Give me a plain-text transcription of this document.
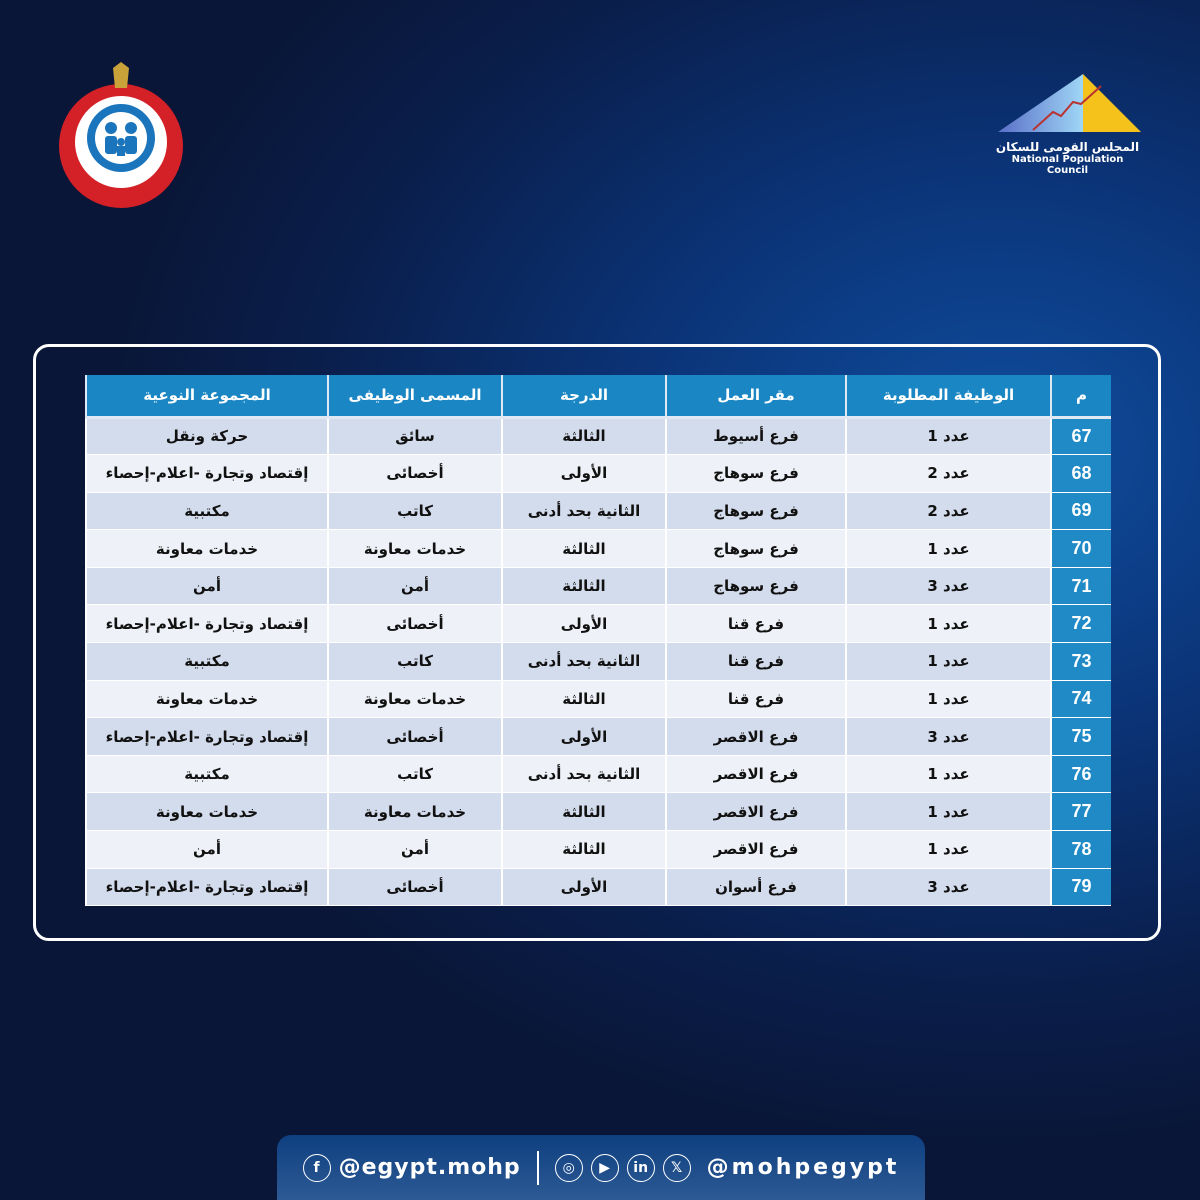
المجلس القومى للسكان
National Population Council
م	الوظيفة المطلوبة	مقر العمل	الدرجة	المسمى الوظيفى	المجموعة النوعية
67	عدد 1	فرع أسيوط	الثالثة	سائق	حركة ونقل
68	عدد 2	فرع سوهاج	الأولى	أخصائى	إقتصاد وتجارة -اعلام-إحصاء
69	عدد 2	فرع سوهاج	الثانية بحد أدنى	كاتب	مكتبية
70	عدد 1	فرع سوهاج	الثالثة	خدمات معاونة	خدمات معاونة
71	عدد 3	فرع سوهاج	الثالثة	أمن	أمن
72	عدد 1	فرع قنا	الأولى	أخصائى	إقتصاد وتجارة -اعلام-إحصاء
73	عدد 1	فرع قنا	الثانية بحد أدنى	كاتب	مكتبية
74	عدد 1	فرع قنا	الثالثة	خدمات معاونة	خدمات معاونة
75	عدد 3	فرع الاقصر	الأولى	أخصائى	إقتصاد وتجارة -اعلام-إحصاء
76	عدد 1	فرع الاقصر	الثانية بحد أدنى	كاتب	مكتبية
77	عدد 1	فرع الاقصر	الثالثة	خدمات معاونة	خدمات معاونة
78	عدد 1	فرع الاقصر	الثالثة	أمن	أمن
79	عدد 3	فرع أسوان	الأولى	أخصائى	إقتصاد وتجارة -اعلام-إحصاء
f @egypt.mohp	◎	▶	in	𝕏	@mohpegypt
